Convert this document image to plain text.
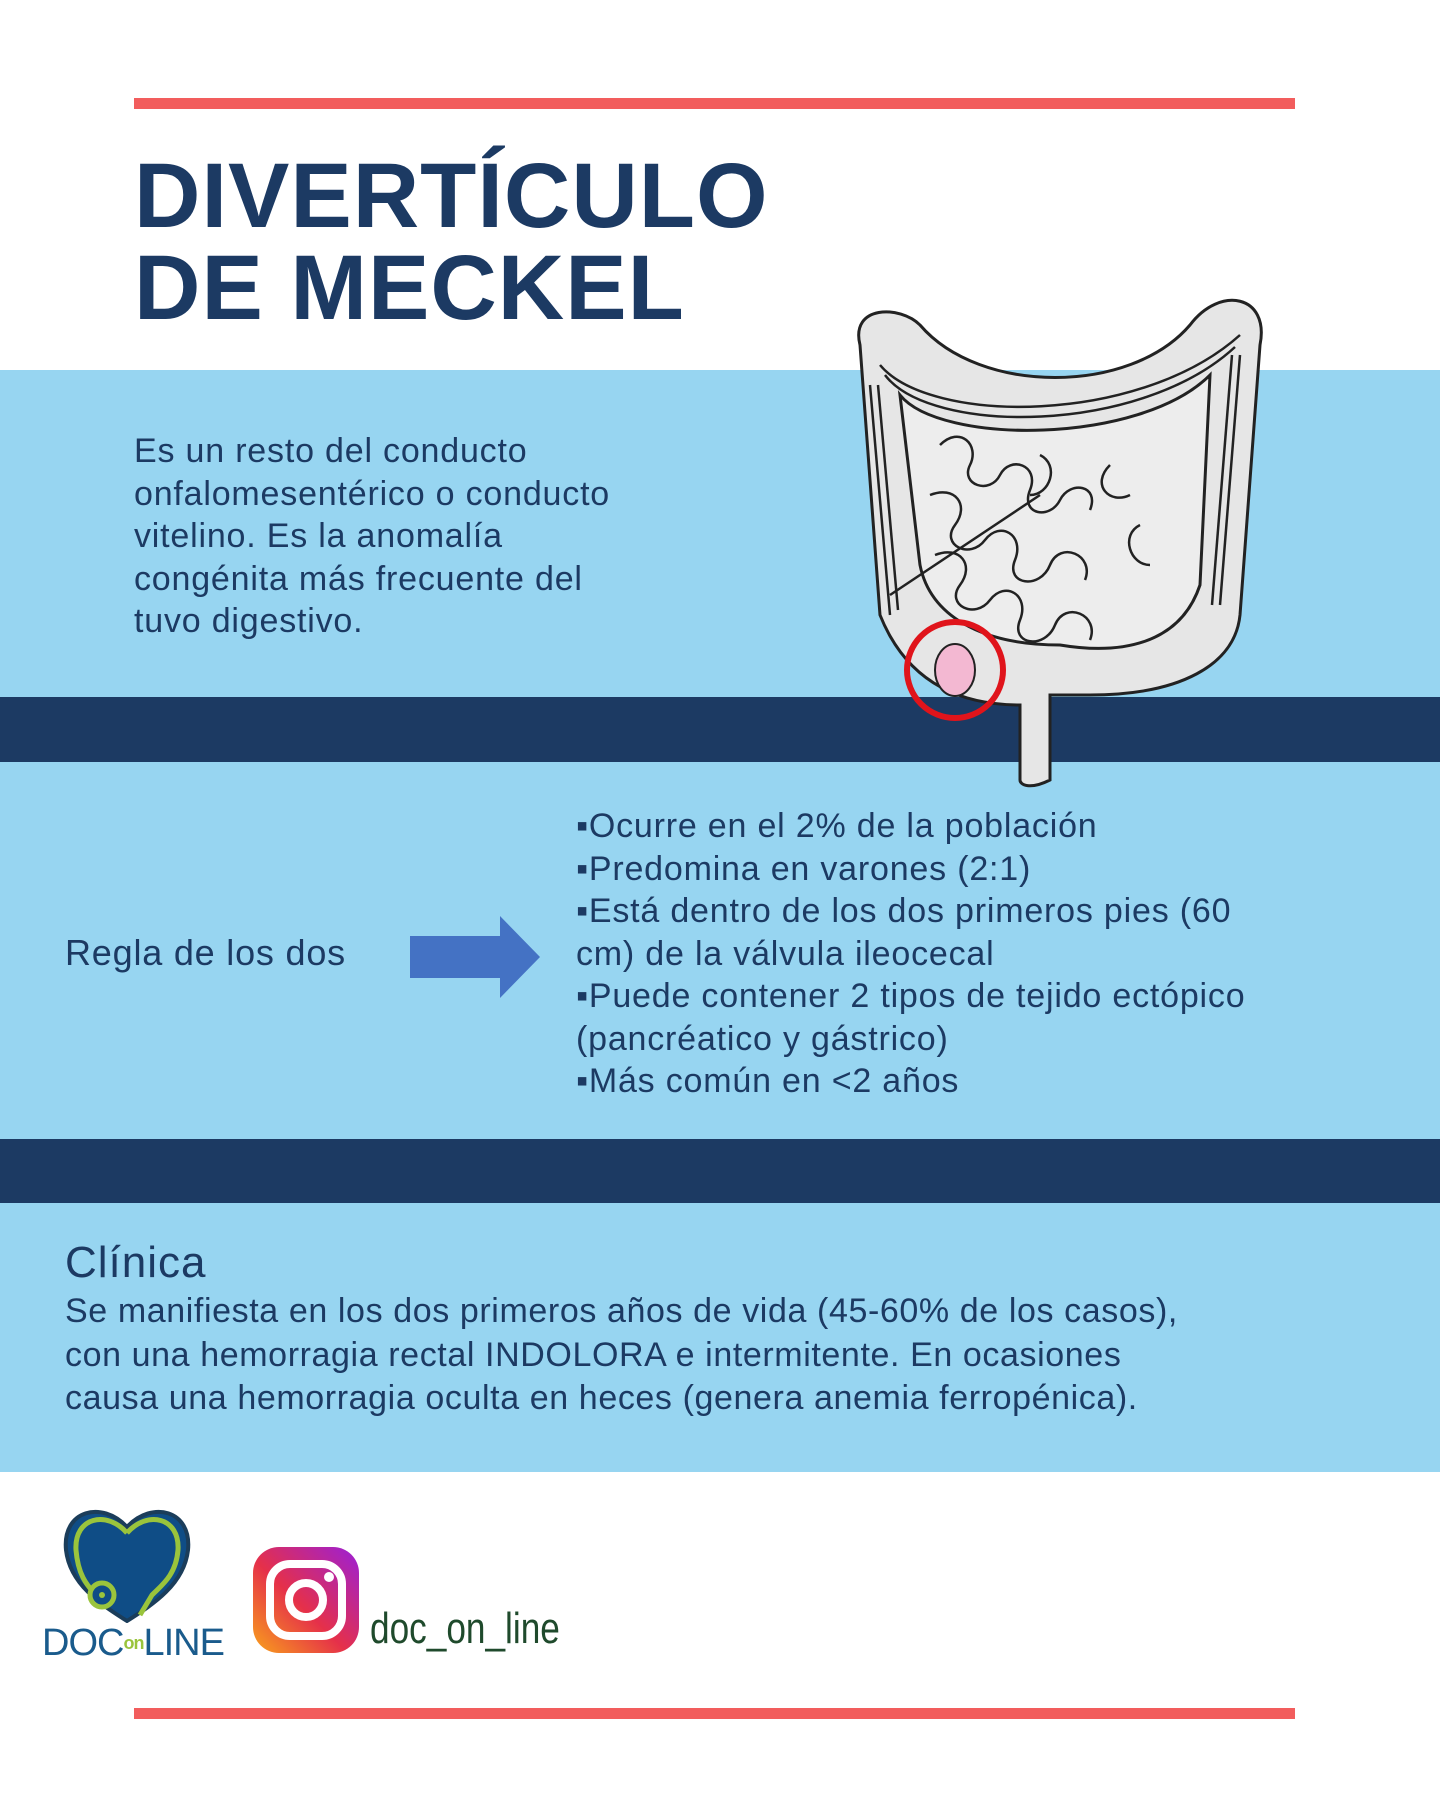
DIVERTÍCULO
DE MECKEL
Es un resto del conducto
onfalomesentérico o conducto
vitelino. Es la anomalía
congénita más frecuente del
tuvo digestivo.
Regla de los dos
▪Ocurre en el 2% de la población
▪Predomina en varones (2:1)
▪Está dentro de los dos primeros pies (60
cm) de la válvula ileocecal
▪Puede contener 2 tipos de tejido ectópico
(pancréatico y gástrico)
▪Más común en <2 años
Clínica
Se manifiesta en los dos primeros años de vida (45-60% de los casos),
con una hemorragia rectal INDOLORA e intermitente. En ocasiones
causa una hemorragia oculta en heces (genera anemia ferropénica).
DOConLINE	doc_on_line
